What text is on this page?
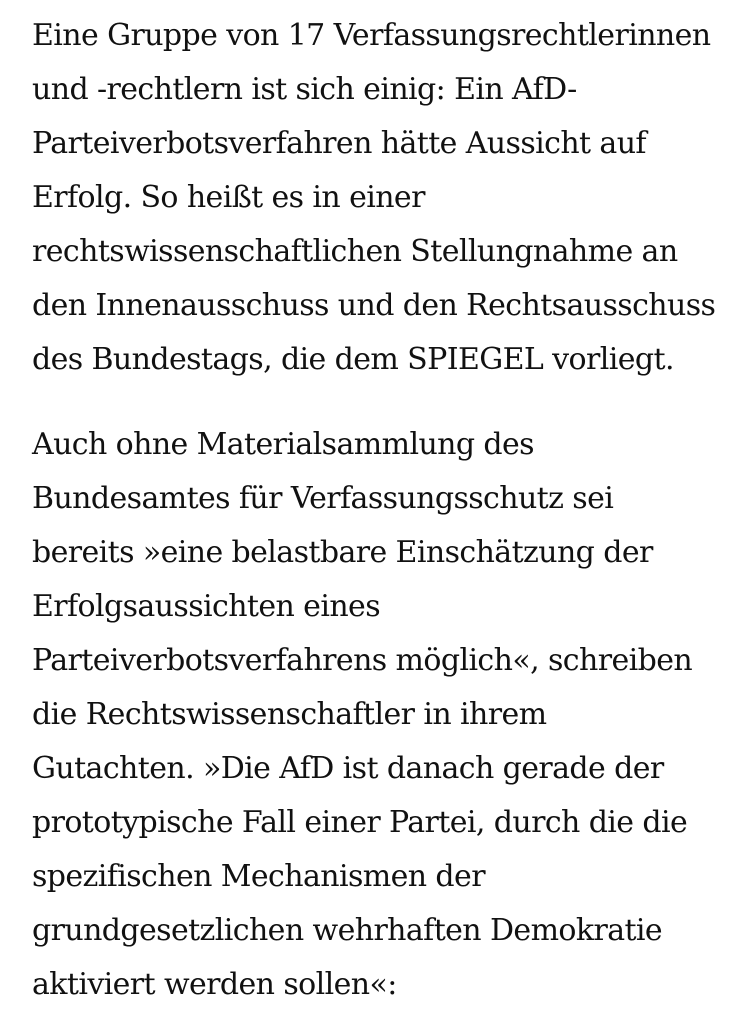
Eine Gruppe von 17 Verfassungsrechtlerinnen
und -rechtlern ist sich einig: Ein AfD-
Parteiverbotsverfahren hätte Aussicht auf
Erfolg. So heißt es in einer
rechtswissenschaftlichen Stellungnahme an
den Innenausschuss und den Rechtsausschuss
des Bundestags, die dem SPIEGEL vorliegt.

Auch ohne Materialsammlung des
Bundesamtes für Verfassungsschutz sei
bereits »eine belastbare Einschätzung der
Erfolgsaussichten eines
Parteiverbotsverfahrens möglich«, schreiben
die Rechtswissenschaftler in ihrem
Gutachten. »Die AfD ist danach gerade der
prototypische Fall einer Partei, durch die die
spezifischen Mechanismen der
grundgesetzlichen wehrhaften Demokratie
aktiviert werden sollen«:
